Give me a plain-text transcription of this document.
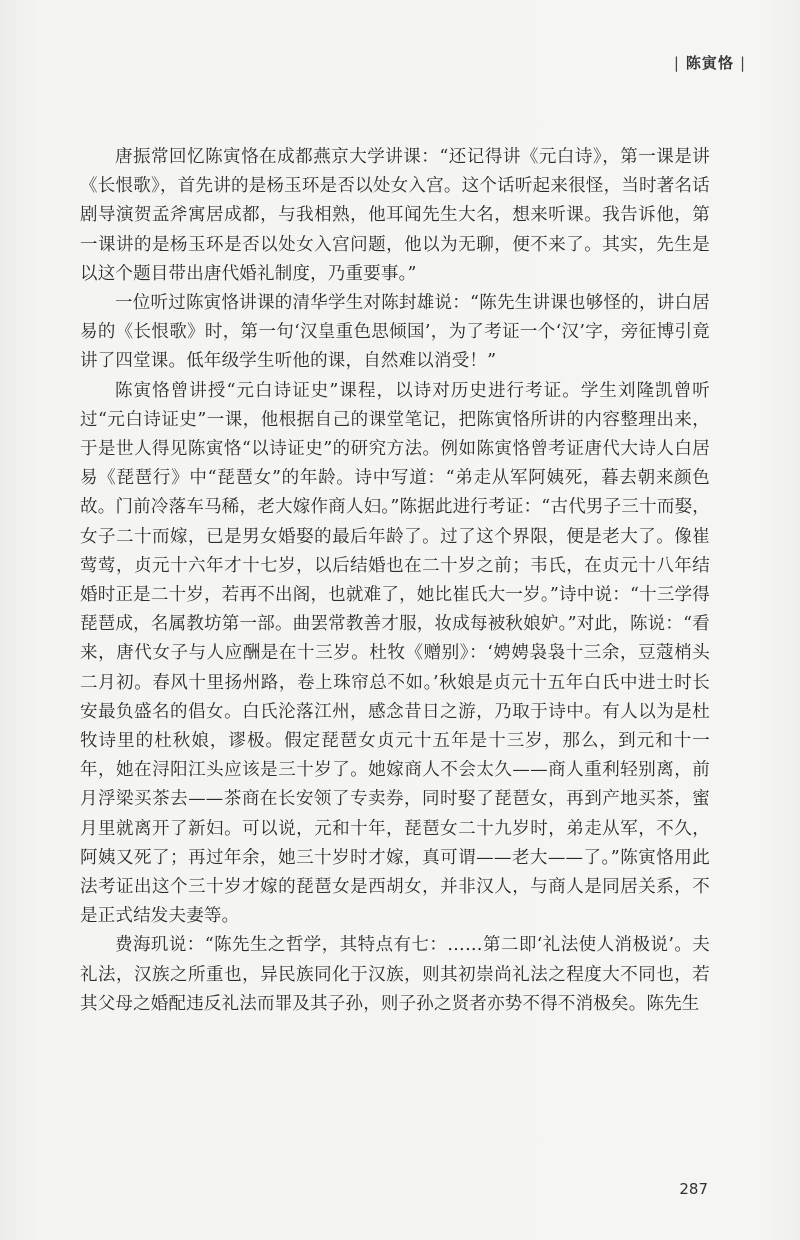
| 陈寅恪 |

唐振常回忆陈寅恪在成都燕京大学讲课：“还记得讲《元白诗》，第一课是讲《长恨歌》，首先讲的是杨玉环是否以处女入宫。这个话听起来很怪，当时著名话剧导演贺孟斧寓居成都，与我相熟，他耳闻先生大名，想来听课。我告诉他，第一课讲的是杨玉环是否以处女入宫问题，他以为无聊，便不来了。其实，先生是以这个题目带出唐代婚礼制度，乃重要事。”

一位听过陈寅恪讲课的清华学生对陈封雄说：“陈先生讲课也够怪的，讲白居易的《长恨歌》时，第一句‘汉皇重色思倾国’，为了考证一个‘汉’字，旁征博引竟讲了四堂课。低年级学生听他的课，自然难以消受！”

陈寅恪曾讲授“元白诗证史”课程，以诗对历史进行考证。学生刘隆凯曾听过“元白诗证史”一课，他根据自己的课堂笔记，把陈寅恪所讲的内容整理出来，于是世人得见陈寅恪“以诗证史”的研究方法。例如陈寅恪曾考证唐代大诗人白居易《琵琶行》中“琵琶女”的年龄。诗中写道：“弟走从军阿姨死，暮去朝来颜色故。门前冷落车马稀，老大嫁作商人妇。”陈据此进行考证：“古代男子三十而娶，女子二十而嫁，已是男女婚娶的最后年龄了。过了这个界限，便是老大了。像崔莺莺，贞元十六年才十七岁，以后结婚也在二十岁之前；韦氏，在贞元十八年结婚时正是二十岁，若再不出阁，也就难了，她比崔氏大一岁。”诗中说：“十三学得琵琶成，名属教坊第一部。曲罢常教善才服，妆成每被秋娘妒。”对此，陈说：“看来，唐代女子与人应酬是在十三岁。杜牧《赠别》：‘娉娉袅袅十三余，豆蔻梢头二月初。春风十里扬州路，卷上珠帘总不如。’秋娘是贞元十五年白氏中进士时长安最负盛名的倡女。白氏沦落江州，感念昔日之游，乃取于诗中。有人以为是杜牧诗里的杜秋娘，谬极。假定琵琶女贞元十五年是十三岁，那么，到元和十一年，她在浔阳江头应该是三十岁了。她嫁商人不会太久——商人重利轻别离，前月浮梁买茶去——茶商在长安领了专卖券，同时娶了琵琶女，再到产地买茶，蜜月里就离开了新妇。可以说，元和十年，琵琶女二十九岁时，弟走从军，不久，阿姨又死了；再过年余，她三十岁时才嫁，真可谓——老大——了。”陈寅恪用此法考证出这个三十岁才嫁的琵琶女是西胡女，并非汉人，与商人是同居关系，不是正式结发夫妻等。

费海玑说：“陈先生之哲学，其特点有七：……第二即‘礼法使人消极说’。夫礼法，汉族之所重也，异民族同化于汉族，则其初崇尚礼法之程度大不同也，若其父母之婚配违反礼法而罪及其子孙，则子孙之贤者亦势不得不消极矣。陈先生

287
